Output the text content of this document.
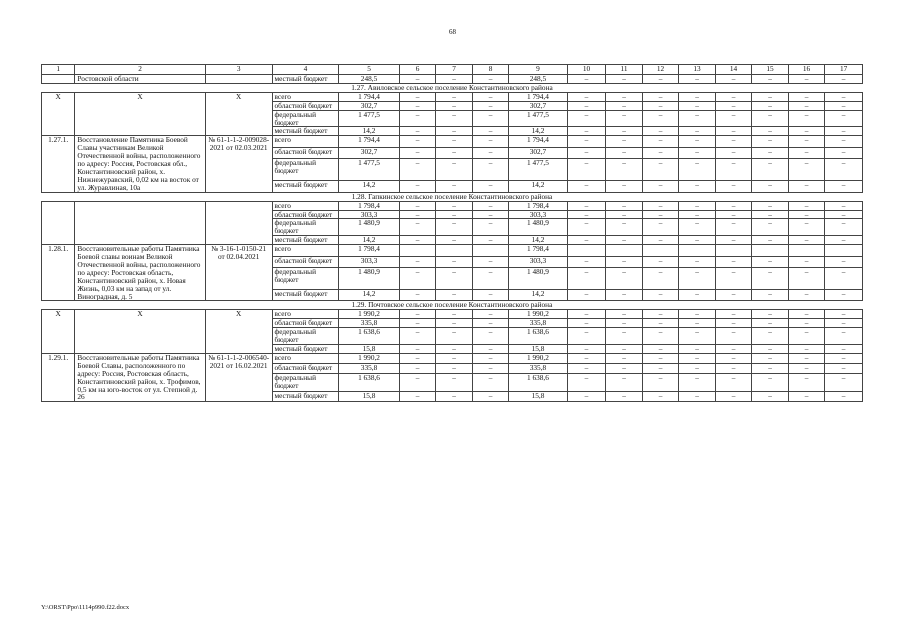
68
1	2	3	4	5	6	7	8	9	10	11	12	13	14	15	16	17
	Ростовской области		местный бюджет	248,5	–	–	–	248,5	–	–	–	–	–	–	–	–
1.27. Авиловское сельское поселение Константиновского района																
X	X	X	всего	1 794,4	–	–	–	1 794,4	–	–	–	–	–	–	–	–
			областной бюджет	302,7	–	–	–	302,7	–	–	–	–	–	–	–	–
			федеральный бюджет	1 477,5	–	–	–	1 477,5	–	–	–	–	–	–	–	–
			местный бюджет	14,2	–	–	–	14,2	–	–	–	–	–	–	–	–
1.27.1.	Восстановление Памятника Боевой Славы участникам Великой Отечественной войны, расположенного по адресу: Россия, Ростовская обл., Константиновский район, х. Нижнежуравский, 0,02 км на восток от ул. Журавлиная, 10а	№ 61-1-1-2-009028-2021 от 02.03.2021	всего	1 794,4	–	–	–	1 794,4	–	–	–	–	–	–	–	–
			областной бюджет	302,7	–	–	–	302,7	–	–	–	–	–	–	–	–
			федеральный бюджет	1 477,5	–	–	–	1 477,5	–	–	–	–	–	–	–	–
			местный бюджет	14,2	–	–	–	14,2	–	–	–	–	–	–	–	–
1.28. Гапкинское сельское поселение Константиновского района																
			всего	1 798,4	–	–	–	1 798,4	–	–	–	–	–	–	–	–
			областной бюджет	303,3	–	–	–	303,3	–	–	–	–	–	–	–	–
			федеральный бюджет	1 480,9	–	–	–	1 480,9	–	–	–	–	–	–	–	–
			местный бюджет	14,2	–	–	–	14,2	–	–	–	–	–	–	–	–
1.28.1.	Восстановительные работы Памятника Боевой славы воинам Великой Отечественной войны, расположенного по адресу: Ростовская область, Константиновский район, х. Новая Жизнь, 0,03 км на запад от ул. Виноградная, д. 5	№ 3-16-1-0150-21 от 02.04.2021	всего	1 798,4				1 798,4								
			областной бюджет	303,3	–	–	–	303,3	–	–	–	–	–	–	–	–
			федеральный бюджет	1 480,9	–	–	–	1 480,9	–	–	–	–	–	–	–	–
			местный бюджет	14,2	–	–	–	14,2	–	–	–	–	–	–	–	–
1.29. Почтовское сельское поселение Константиновского района																
X	X	X	всего	1 990,2	–	–	–	1 990,2	–	–	–	–	–	–	–	–
			областной бюджет	335,8	–	–	–	335,8	–	–	–	–	–	–	–	–
			федеральный бюджет	1 638,6	–	–	–	1 638,6	–	–	–	–	–	–	–	–
			местный бюджет	15,8	–	–	–	15,8	–	–	–	–	–	–	–	–
1.29.1.	Восстановительные работы Памятника Боевой Славы, расположенного по адресу: Россия, Ростовская область, Константиновский район, х. Трофимов, 0,5 км на юго-восток от ул. Степной д. 26	№ 61-1-1-2-006540-2021 от 16.02.2021	всего	1 990,2	–	–	–	1 990,2	–	–	–	–	–	–	–	–
			областной бюджет	335,8	–	–	–	335,8	–	–	–	–	–	–	–	–
			федеральный бюджет	1 638,6	–	–	–	1 638,6	–	–	–	–	–	–	–	–
			местный бюджет	15,8	–	–	–	15,8	–	–	–	–	–	–	–	–
Y:\ORST\Ppo\1114p990.f22.docx
